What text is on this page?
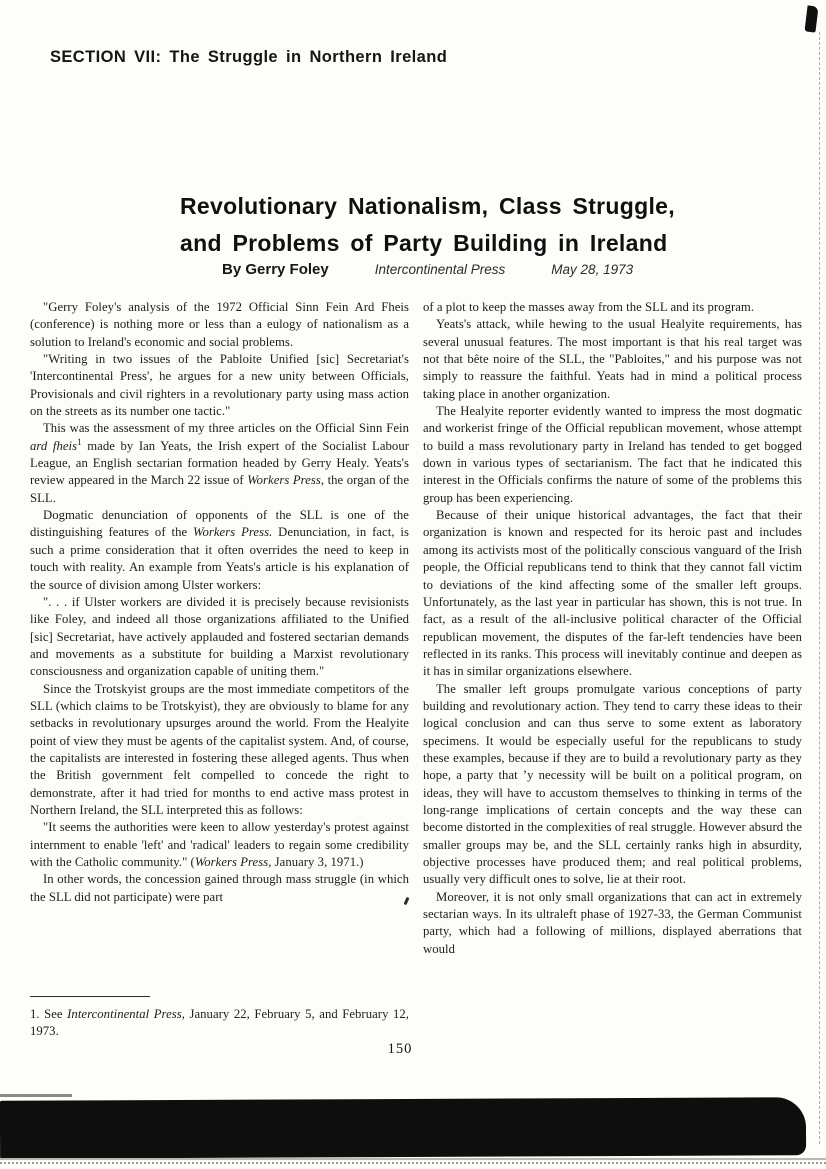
SECTION VII: The Struggle in Northern Ireland
Revolutionary Nationalism, Class Struggle,
and Problems of Party Building in Ireland
By Gerry Foley	Intercontinental Press	May 28, 1973

"Gerry Foley's analysis of the 1972 Official Sinn Fein Ard Fheis (conference) is nothing more or less than a eulogy of nationalism as a solution to Ireland's economic and social problems.

"Writing in two issues of the Pabloite Unified [sic] Secretariat's 'Intercontinental Press', he argues for a new unity between Officials, Provisionals and civil righters in a revolutionary party using mass action on the streets as its number one tactic."

This was the assessment of my three articles on the Official Sinn Fein ard fheis$^1$ made by Ian Yeats, the Irish expert of the Socialist Labour League, an English sectarian formation headed by Gerry Healy. Yeats's review appeared in the March 22 issue of Workers Press, the organ of the SLL.

Dogmatic denunciation of opponents of the SLL is one of the distinguishing features of the Workers Press. Denunciation, in fact, is such a prime consideration that it often overrides the need to keep in touch with reality. An example from Yeats's article is his explanation of the source of division among Ulster workers:

". . . if Ulster workers are divided it is precisely because revisionists like Foley, and indeed all those organizations affiliated to the Unified [sic] Secretariat, have actively applauded and fostered sectarian demands and movements as a substitute for building a Marxist revolutionary consciousness and organization capable of uniting them."

Since the Trotskyist groups are the most immediate competitors of the SLL (which claims to be Trotskyist), they are obviously to blame for any setbacks in revolutionary upsurges around the world. From the Healyite point of view they must be agents of the capitalist system. And, of course, the capitalists are interested in fostering these alleged agents. Thus when the British government felt compelled to concede the right to demonstrate, after it had tried for months to end active mass protest in Northern Ireland, the SLL interpreted this as follows:

"It seems the authorities were keen to allow yesterday's protest against internment to enable 'left' and 'radical' leaders to regain some credibility with the Catholic community." (Workers Press, January 3, 1971.)

In other words, the concession gained through mass struggle (in which the SLL did not participate) were part

1. See Intercontinental Press, January 22, February 5, and February 12, 1973.

of a plot to keep the masses away from the SLL and its program.

Yeats's attack, while hewing to the usual Healyite requirements, has several unusual features. The most important is that his real target was not that bête noire of the SLL, the "Pabloites," and his purpose was not simply to reassure the faithful. Yeats had in mind a political process taking place in another organization.

The Healyite reporter evidently wanted to impress the most dogmatic and workerist fringe of the Official republican movement, whose attempt to build a mass revolutionary party in Ireland has tended to get bogged down in various types of sectarianism. The fact that he indicated this interest in the Officials confirms the nature of some of the problems this group has been experiencing.

Because of their unique historical advantages, the fact that their organization is known and respected for its heroic past and includes among its activists most of the politically conscious vanguard of the Irish people, the Official republicans tend to think that they cannot fall victim to deviations of the kind affecting some of the smaller left groups. Unfortunately, as the last year in particular has shown, this is not true. In fact, as a result of the all-inclusive political character of the Official republican movement, the disputes of the far-left tendencies have been reflected in its ranks. This process will inevitably continue and deepen as it has in similar organizations elsewhere.

The smaller left groups promulgate various conceptions of party building and revolutionary action. They tend to carry these ideas to their logical conclusion and can thus serve to some extent as laboratory specimens. It would be especially useful for the republicans to study these examples, because if they are to build a revolutionary party as they hope, a party that ’y necessity will be built on a political program, on ideas, they will have to accustom themselves to thinking in terms of the long-range implications of certain concepts and the way these can become distorted in the complexities of real struggle. However absurd the smaller groups may be, and the SLL certainly ranks high in absurdity, objective processes have produced them; and real political problems, usually very difficult ones to solve, lie at their root.

Moreover, it is not only small organizations that can act in extremely sectarian ways. In its ultraleft phase of 1927-33, the German Communist party, which had a following of millions, displayed aberrations that would

150
